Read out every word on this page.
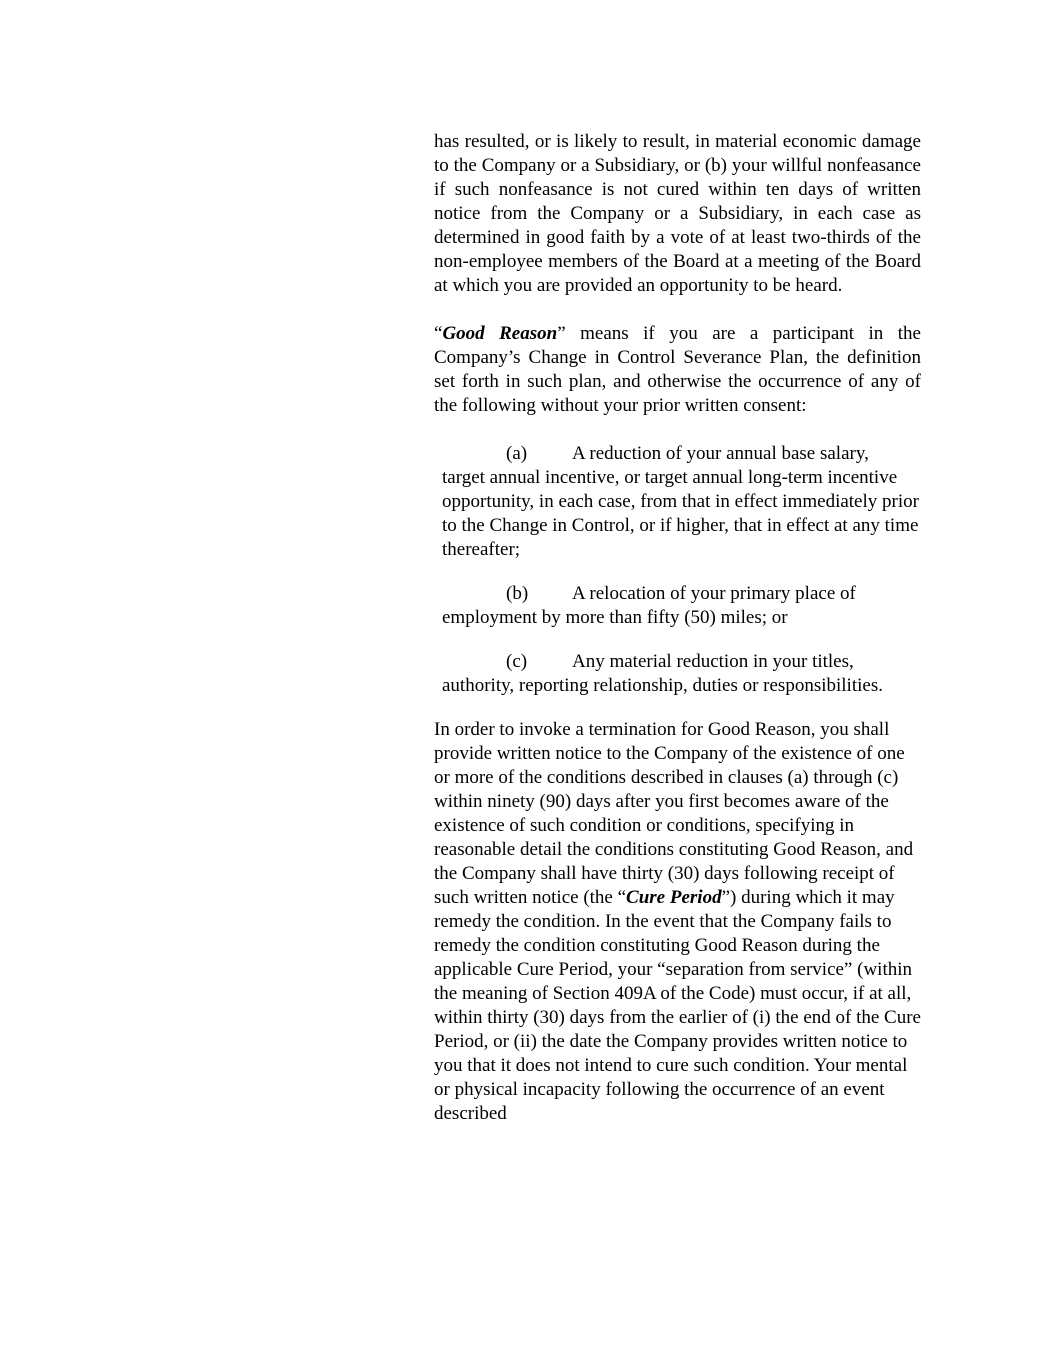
has resulted, or is likely to result, in material economic damage to the Company or a Subsidiary, or (b) your willful nonfeasance if such nonfeasance is not cured within ten days of written notice from the Company or a Subsidiary, in each case as determined in good faith by a vote of at least two-thirds of the non-employee members of the Board at a meeting of the Board at which you are provided an opportunity to be heard.

“Good Reason” means if you are a participant in the Company’s Change in Control Severance Plan, the definition set forth in such plan, and otherwise the occurrence of any of the following without your prior written consent:

(a) A reduction of your annual base salary,
target annual incentive, or target annual long-term incentive opportunity, in each case, from that in effect immediately prior to the Change in Control, or if higher, that in effect at any time thereafter;

(b) A relocation of your primary place of
employment by more than fifty (50) miles; or

(c) Any material reduction in your titles,
authority, reporting relationship, duties or responsibilities.

In order to invoke a termination for Good Reason, you shall provide written notice to the Company of the existence of one or more of the conditions described in clauses (a) through (c) within ninety (90) days after you first becomes aware of the existence of such condition or conditions, specifying in reasonable detail the conditions constituting Good Reason, and the Company shall have thirty (30) days following receipt of such written notice (the “Cure Period”) during which it may remedy the condition. In the event that the Company fails to remedy the condition constituting Good Reason during the applicable Cure Period, your “separation from service” (within the meaning of Section 409A of the Code) must occur, if at all, within thirty (30) days from the earlier of (i) the end of the Cure Period, or (ii) the date the Company provides written notice to you that it does not intend to cure such condition. Your mental or physical incapacity following the occurrence of an event described
